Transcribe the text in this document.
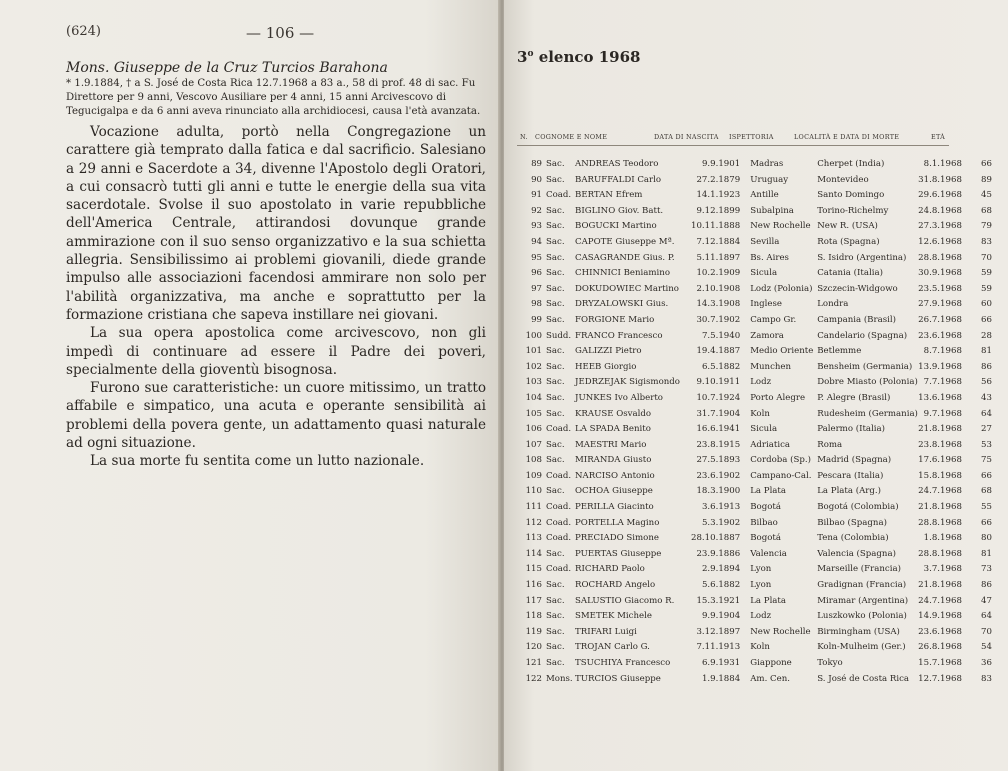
(624)	— 106 —
Mons. Giuseppe de la Cruz Turcios Barahona
* 1.9.1884, † a S. José de Costa Rica 12.7.1968 a 83 a., 58 di prof. 48 di sac. Fu Direttore per 9 anni, Vescovo Ausiliare per 4 anni, 15 anni Arcivescovo di Tegucigalpa e da 6 anni aveva rinunciato alla archidiocesi, causa l'età avanzata.

Vocazione adulta, portò nella Congregazione un carattere già temprato dalla fatica e dal sacrificio. Salesiano a 29 anni e Sacerdote a 34, divenne l'Apostolo degli Oratori, a cui consacrò tutti gli anni e tutte le energie della sua vita sacerdotale. Svolse il suo apostolato in varie repubbliche dell'America Centrale, attirandosi dovunque grande ammirazione con il suo senso organizzativo e la sua schietta allegria. Sensibilissimo ai problemi giovanili, diede grande impulso alle associazioni facendosi ammirare non solo per l'abilità organizzativa, ma anche e soprattutto per la formazione cristiana che sapeva instillare nei giovani.

La sua opera apostolica come arcivescovo, non gli impedì di continuare ad essere il Padre dei poveri, specialmente della gioventù bisognosa.

Furono sue caratteristiche: un cuore mitissimo, un tratto affabile e simpatico, una acuta e operante sensibilità ai problemi della povera gente, un adattamento quasi naturale ad ogni situazione.

La sua morte fu sentita come un lutto nazionale.

3$^o$ elenco 1968
N. COGNOME E NOME	DATA DI NASCITA ISPETTORIA	LOCALITÀ E DATA DI MORTE	ETÀ
89	Sac.	ANDREAS Teodoro	9.9.1901	Madras	Cherpet (India)	8.1.1968	66
90	Sac.	BARUFFALDI Carlo	27.2.1879	Uruguay	Montevideo	31.8.1968	89
91	Coad.	BERTAN Efrem	14.1.1923	Antille	Santo Domingo	29.6.1968	45
92	Sac.	BIGLINO Giov. Batt.	9.12.1899	Subalpina	Torino-Richelmy	24.8.1968	68
93	Sac.	BOGUCKI Martino	10.11.1888	New Rochelle	New R. (USA)	27.3.1968	79
94	Sac.	CAPOTE Giuseppe Mª.	7.12.1884	Sevilla	Rota (Spagna)	12.6.1968	83
95	Sac.	CASAGRANDE Gius. P.	5.11.1897	Bs. Aires	S. Isidro (Argentina)	28.8.1968	70
96	Sac.	CHINNICI Beniamino	10.2.1909	Sicula	Catania (Italia)	30.9.1968	59
97	Sac.	DOKUDOWIEC Martino	2.10.1908	Lodz (Polonia)	Szczecin-Widgowo	23.5.1968	59
98	Sac.	DRYZALOWSKI Gius.	14.3.1908	Inglese	Londra	27.9.1968	60
99	Sac.	FORGIONE Mario	30.7.1902	Campo Gr.	Campania (Brasil)	26.7.1968	66
100	Sudd.	FRANCO Francesco	7.5.1940	Zamora	Candelario (Spagna)	23.6.1968	28
101	Sac.	GALIZZI Pietro	19.4.1887	Medio Oriente	Betlemme	8.7.1968	81
102	Sac.	HEEB Giorgio	6.5.1882	Munchen	Bensheim (Germania)	13.9.1968	86
103	Sac.	JEDRZEJAK Sigismondo	9.10.1911	Lodz	Dobre Miasto (Polonia)	7.7.1968	56
104	Sac.	JUNKES Ivo Alberto	10.7.1924	Porto Alegre	P. Alegre (Brasil)	13.6.1968	43
105	Sac.	KRAUSE Osvaldo	31.7.1904	Koln	Rudesheim (Germania)	9.7.1968	64
106	Coad.	LA SPADA Benito	16.6.1941	Sicula	Palermo (Italia)	21.8.1968	27
107	Sac.	MAESTRI Mario	23.8.1915	Adriatica	Roma	23.8.1968	53
108	Sac.	MIRANDA Giusto	27.5.1893	Cordoba (Sp.)	Madrid (Spagna)	17.6.1968	75
109	Coad.	NARCISO Antonio	23.6.1902	Campano-Cal.	Pescara (Italia)	15.8.1968	66
110	Sac.	OCHOA Giuseppe	18.3.1900	La Plata	La Plata (Arg.)	24.7.1968	68
111	Coad.	PERILLA Giacinto	3.6.1913	Bogotá	Bogotá (Colombia)	21.8.1968	55
112	Coad.	PORTELLA Magino	5.3.1902	Bilbao	Bilbao (Spagna)	28.8.1968	66
113	Coad.	PRECIADO Simone	28.10.1887	Bogotá	Tena (Colombia)	1.8.1968	80
114	Sac.	PUERTAS Giuseppe	23.9.1886	Valencia	Valencia (Spagna)	28.8.1968	81
115	Coad.	RICHARD Paolo	2.9.1894	Lyon	Marseille (Francia)	3.7.1968	73
116	Sac.	ROCHARD Angelo	5.6.1882	Lyon	Gradignan (Francia)	21.8.1968	86
117	Sac.	SALUSTIO Giacomo R.	15.3.1921	La Plata	Miramar (Argentina)	24.7.1968	47
118	Sac.	SMETEK Michele	9.9.1904	Lodz	Luszkowko (Polonia)	14.9.1968	64
119	Sac.	TRIFARI Luigi	3.12.1897	New Rochelle	Birmingham (USA)	23.6.1968	70
120	Sac.	TROJAN Carlo G.	7.11.1913	Koln	Koln-Mulheim (Ger.)	26.8.1968	54
121	Sac.	TSUCHIYA Francesco	6.9.1931	Giappone	Tokyo	15.7.1968	36
122	Mons.	TURCIOS Giuseppe	1.9.1884	Am. Cen.	S. José de Costa Rica	12.7.1968	83
